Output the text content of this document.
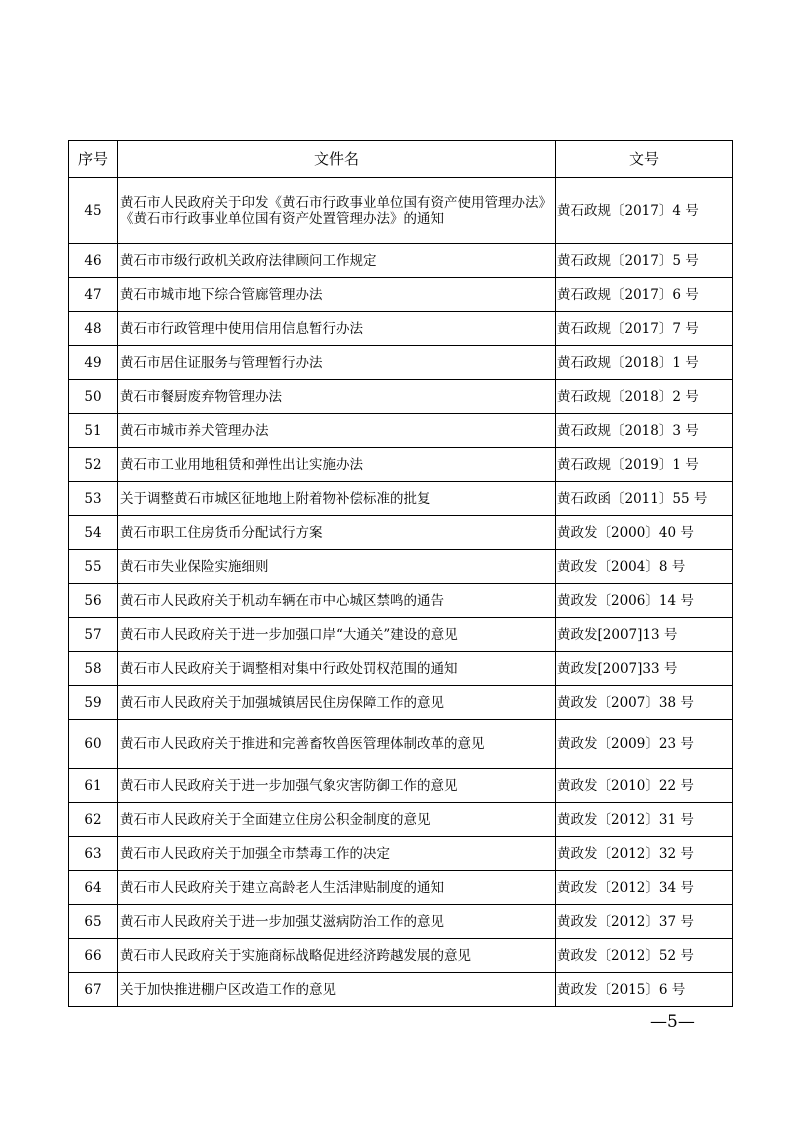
序号	文件名	文号
45	黄石市人民政府关于印发《黄石市行政事业单位国有资产使用管理办法》《黄石市行政事业单位国有资产处置管理办法》的通知	黄石政规〔2017〕4 号
46	黄石市市级行政机关政府法律顾问工作规定	黄石政规〔2017〕5 号
47	黄石市城市地下综合管廊管理办法	黄石政规〔2017〕6 号
48	黄石市行政管理中使用信用信息暂行办法	黄石政规〔2017〕7 号
49	黄石市居住证服务与管理暂行办法	黄石政规〔2018〕1 号
50	黄石市餐厨废弃物管理办法	黄石政规〔2018〕2 号
51	黄石市城市养犬管理办法	黄石政规〔2018〕3 号
52	黄石市工业用地租赁和弹性出让实施办法	黄石政规〔2019〕1 号
53	关于调整黄石市城区征地地上附着物补偿标准的批复	黄石政函〔2011〕55 号
54	黄石市职工住房货币分配试行方案	黄政发〔2000〕40 号
55	黄石市失业保险实施细则	黄政发〔2004〕8 号
56	黄石市人民政府关于机动车辆在市中心城区禁鸣的通告	黄政发〔2006〕14 号
57	黄石市人民政府关于进一步加强口岸“大通关”建设的意见	黄政发[2007]13 号
58	黄石市人民政府关于调整相对集中行政处罚权范围的通知	黄政发[2007]33 号
59	黄石市人民政府关于加强城镇居民住房保障工作的意见	黄政发〔2007〕38 号
60	黄石市人民政府关于推进和完善畜牧兽医管理体制改革的意见	黄政发〔2009〕23 号
61	黄石市人民政府关于进一步加强气象灾害防御工作的意见	黄政发〔2010〕22 号
62	黄石市人民政府关于全面建立住房公积金制度的意见	黄政发〔2012〕31 号
63	黄石市人民政府关于加强全市禁毒工作的决定	黄政发〔2012〕32 号
64	黄石市人民政府关于建立高龄老人生活津贴制度的通知	黄政发〔2012〕34 号
65	黄石市人民政府关于进一步加强艾滋病防治工作的意见	黄政发〔2012〕37 号
66	黄石市人民政府关于实施商标战略促进经济跨越发展的意见	黄政发〔2012〕52 号
67	关于加快推进棚户区改造工作的意见	黄政发〔2015〕6 号
—5—
